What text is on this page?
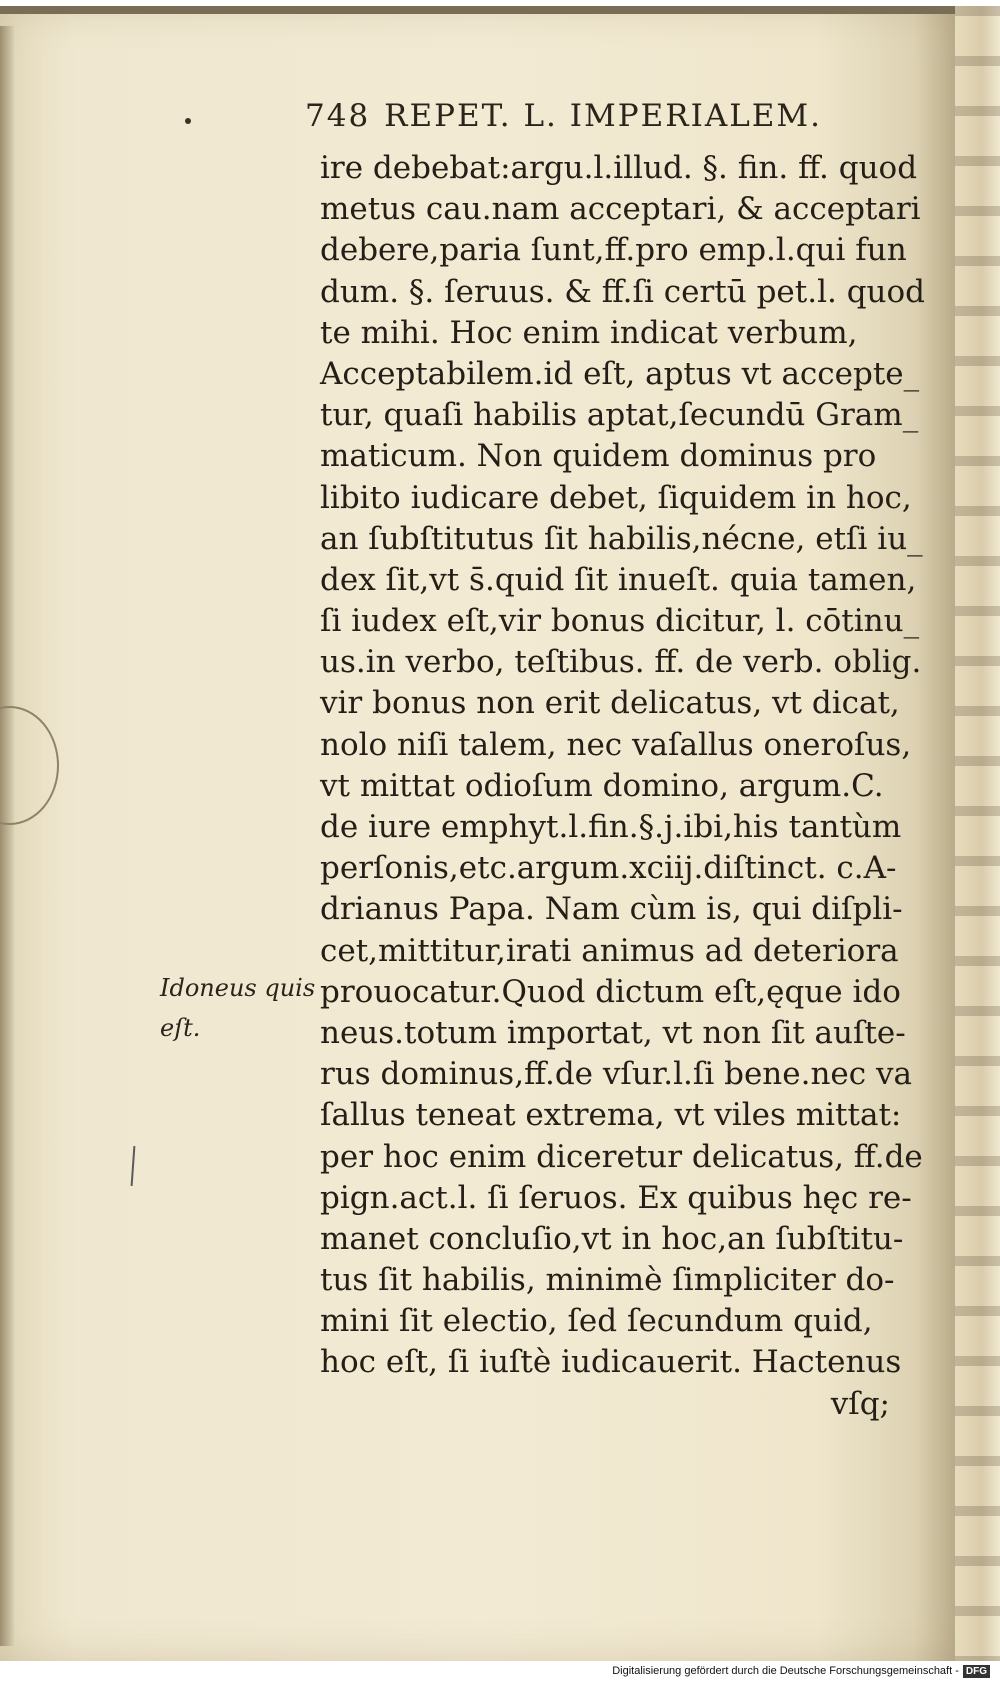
748 REPET. L. IMPERIALEM.
ire debebat:argu.l.illud. §. fin. ff. quod
metus cau.nam acceptari, & acceptari
debere,paria ſunt,ff.pro emp.l.qui fun
dum. §. ſeruus. & ff.ſi certū pet.l. quod
te mihi. Hoc enim indicat verbum,
Acceptabilem.id eſt, aptus vt accepte_
tur, quaſi habilis aptat,ſecundū Gram_
maticum. Non quidem dominus pro
libito iudicare debet, ſiquidem in hoc,
an ſubſtitutus ſit habilis,nécne, etſi iu_
dex ſit,vt s̄.quid ſit inueſt. quia tamen,
ſi iudex eſt,vir bonus dicitur, l. cōtinu_
us.in verbo, teſtibus. ff. de verb. oblig.
vir bonus non erit delicatus, vt dicat,
nolo niſi talem, nec vaſallus oneroſus,
vt mittat odioſum domino, argum.C.
de iure emphyt.l.fin.§.j.ibi,his tantùm
perſonis,etc.argum.xciij.diſtinct. c.A-
drianus Papa. Nam cùm is, qui diſpli-
cet,mittitur,irati animus ad deteriora
prouocatur.Quod dictum eſt,ęque ido
neus.totum importat, vt non ſit auſte-
rus dominus,ff.de vſur.l.ſi bene.nec va
ſallus teneat extrema, vt viles mittat:
per hoc enim diceretur delicatus, ff.de
pign.act.l. ſi ſeruos. Ex quibus hęc re-
manet concluſio,vt in hoc,an ſubſtitu-
tus ſit habilis, minimè ſimpliciter do-
mini ſit electio, ſed ſecundum quid,
hoc eſt, ſi iuſtè iudicauerit. Hactenus
vſq;
Idoneus quis
eſt.
Digitalisierung gefördert durch die Deutsche Forschungsgemeinschaft - DFG
